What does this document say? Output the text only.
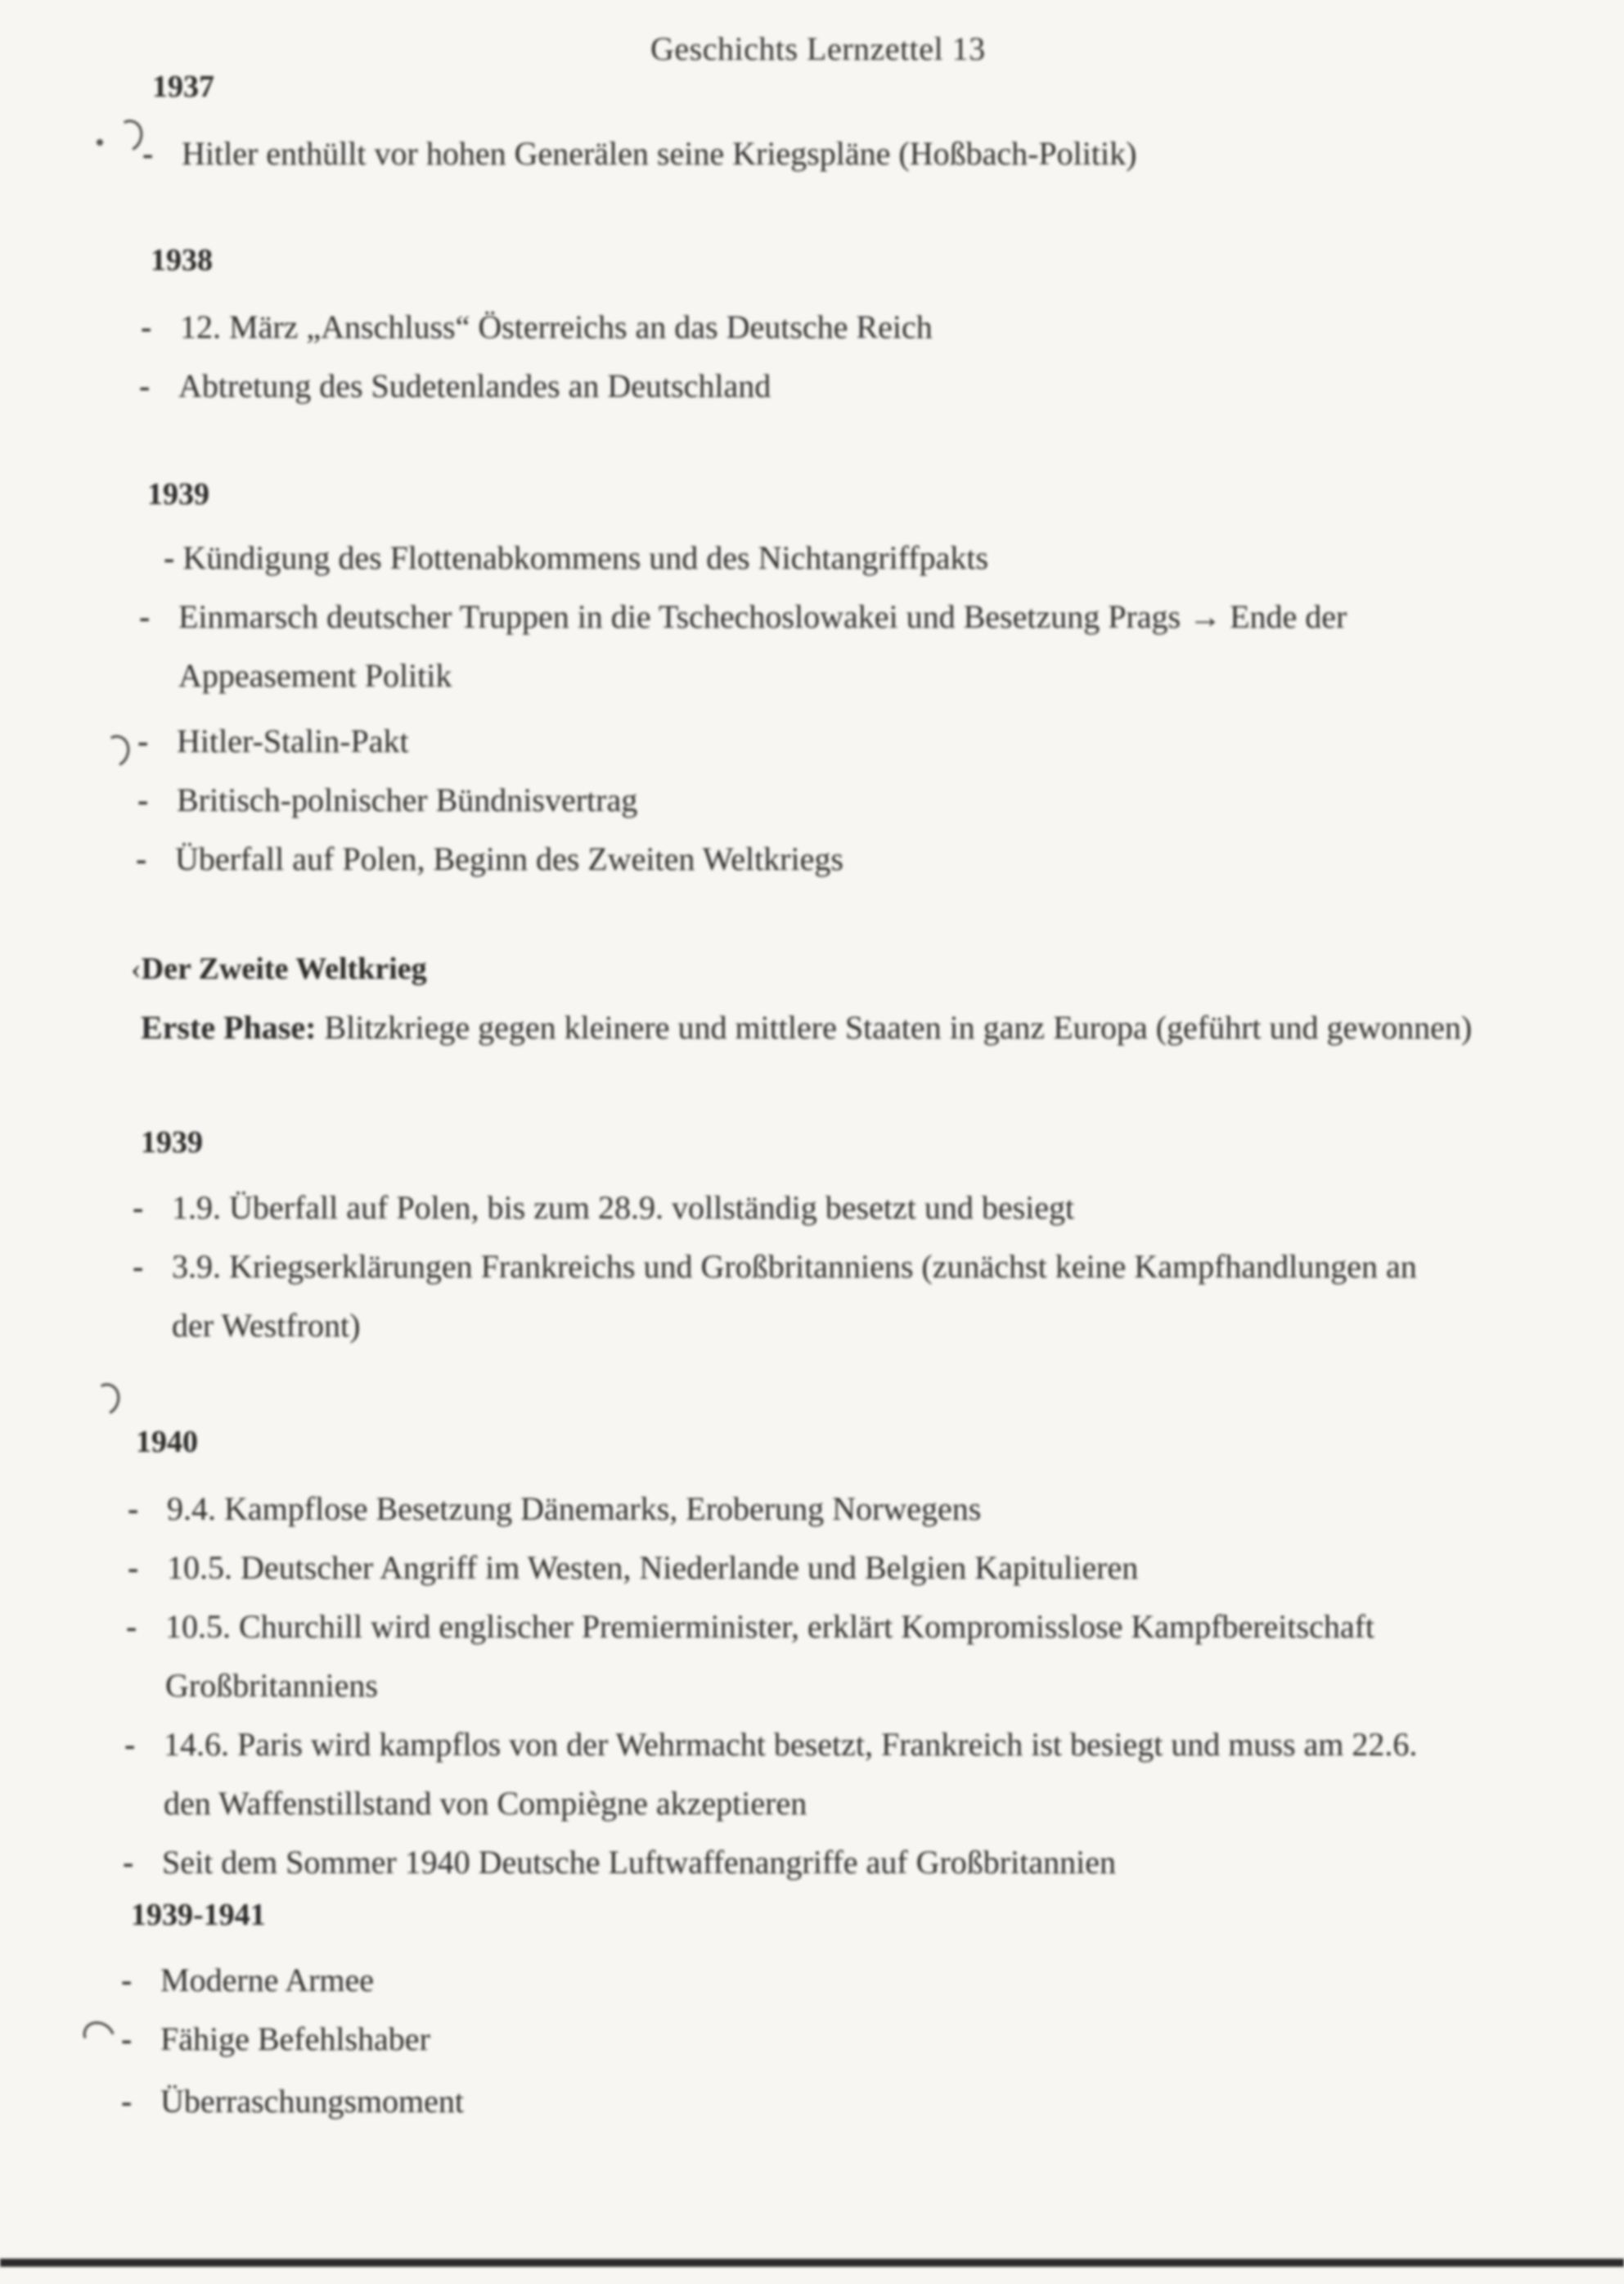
Geschichts Lernzettel 13
1937
- Hitler enthüllt vor hohen Generälen seine Kriegspläne (Hoßbach-Politik)
1938
- 12. März „Anschluss“ Österreichs an das Deutsche Reich
- Abtretung des Sudetenlandes an Deutschland
1939
- Kündigung des Flottenabkommens und des Nichtangriffpakts
- Einmarsch deutscher Truppen in die Tschechoslowakei und Besetzung Prags → Ende der
Appeasement Politik
- Hitler-Stalin-Pakt
- Britisch-polnischer Bündnisvertrag
- Überfall auf Polen, Beginn des Zweiten Weltkriegs
‹Der Zweite Weltkrieg
Erste Phase: Blitzkriege gegen kleinere und mittlere Staaten in ganz Europa (geführt und gewonnen)
1939
- 1.9. Überfall auf Polen, bis zum 28.9. vollständig besetzt und besiegt
- 3.9. Kriegserklärungen Frankreichs und Großbritanniens (zunächst keine Kampfhandlungen an
der Westfront)
1940
- 9.4. Kampflose Besetzung Dänemarks, Eroberung Norwegens
- 10.5. Deutscher Angriff im Westen, Niederlande und Belgien Kapitulieren
- 10.5. Churchill wird englischer Premierminister, erklärt Kompromisslose Kampfbereitschaft
Großbritanniens
- 14.6. Paris wird kampflos von der Wehrmacht besetzt, Frankreich ist besiegt und muss am 22.6.
den Waffenstillstand von Compiègne akzeptieren
- Seit dem Sommer 1940 Deutsche Luftwaffenangriffe auf Großbritannien
1939-1941
- Moderne Armee
- Fähige Befehlshaber
- Überraschungsmoment
